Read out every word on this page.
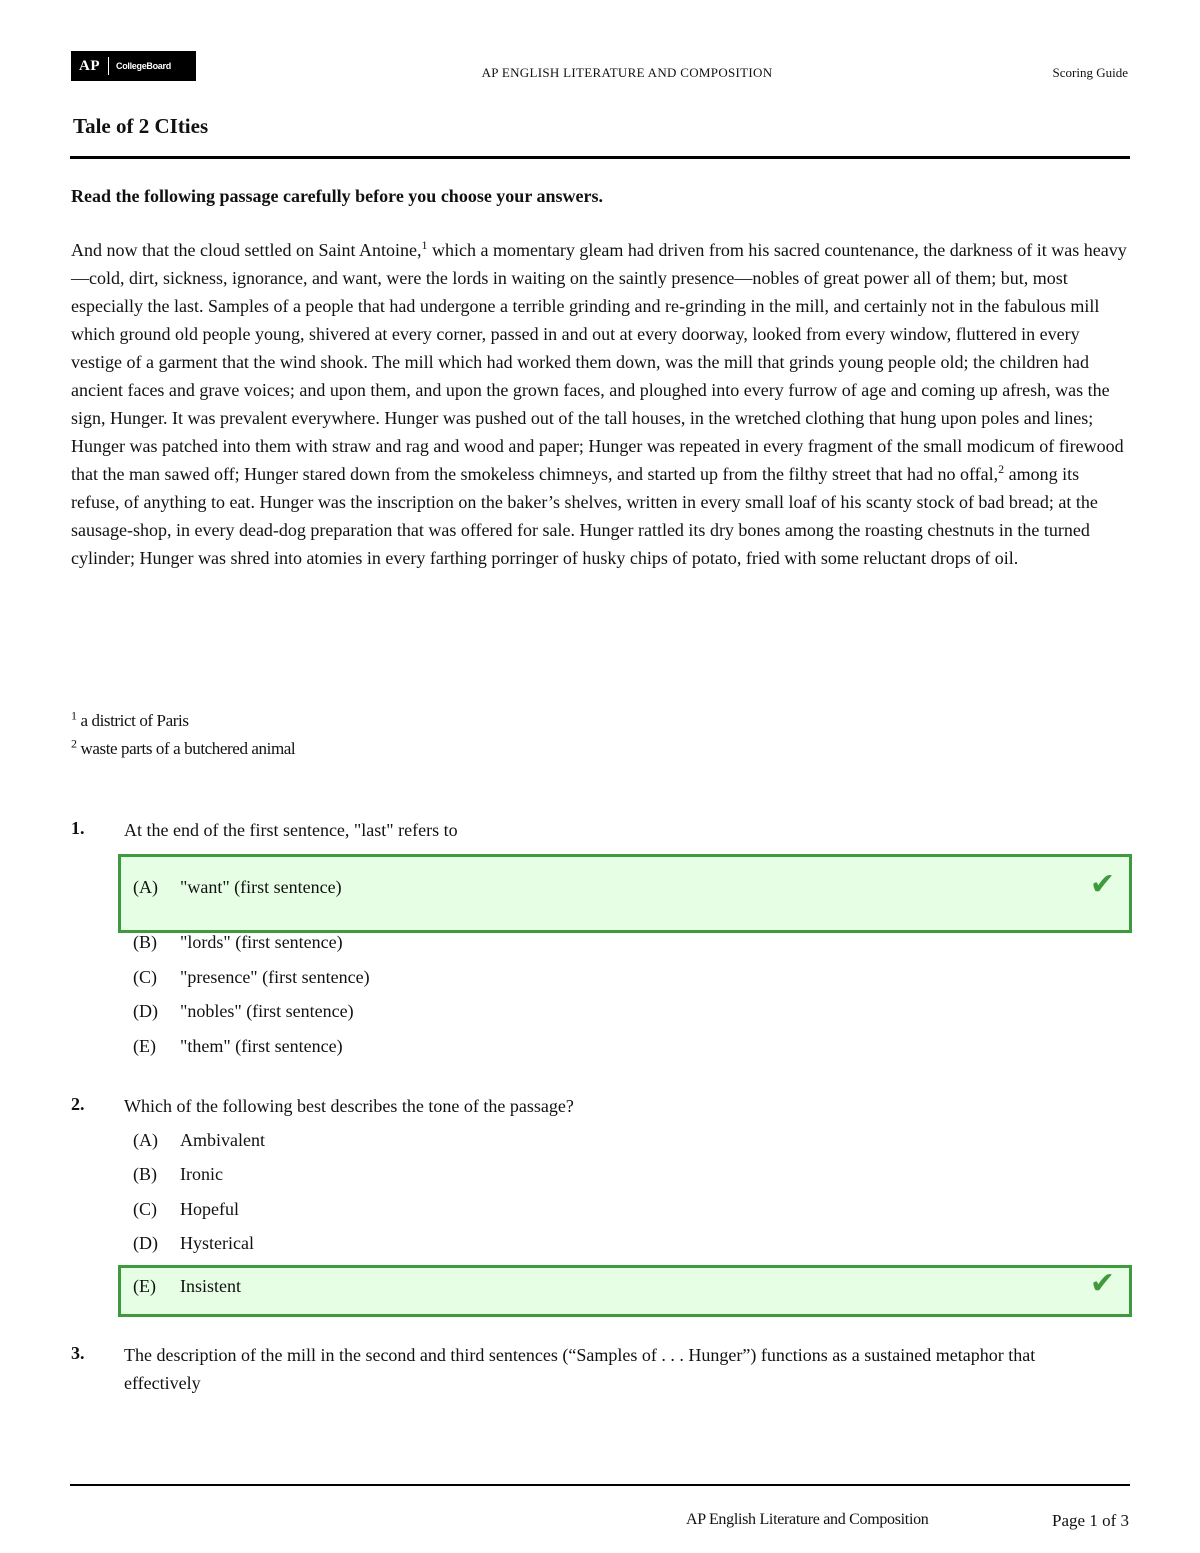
AP CollegeBoard	AP ENGLISH LITERATURE AND COMPOSITION	Scoring Guide
Tale of 2 CIties
Read the following passage carefully before you choose your answers.
And now that the cloud settled on Saint Antoine,$^1$ which a momentary gleam had driven from his sacred countenance, the darkness of it was heavy—cold, dirt, sickness, ignorance, and want, were the lords in waiting on the saintly presence—nobles of great power all of them; but, most especially the last. Samples of a people that had undergone a terrible grinding and re-grinding in the mill, and certainly not in the fabulous mill which ground old people young, shivered at every corner, passed in and out at every doorway, looked from every window, fluttered in every vestige of a garment that the wind shook. The mill which had worked them down, was the mill that grinds young people old; the children had ancient faces and grave voices; and upon them, and upon the grown faces, and ploughed into every furrow of age and coming up afresh, was the sign, Hunger. It was prevalent everywhere. Hunger was pushed out of the tall houses, in the wretched clothing that hung upon poles and lines; Hunger was patched into them with straw and rag and wood and paper; Hunger was repeated in every fragment of the small modicum of firewood that the man sawed off; Hunger stared down from the smokeless chimneys, and started up from the filthy street that had no offal,$^2$ among its refuse, of anything to eat. Hunger was the inscription on the baker’s shelves, written in every small loaf of his scanty stock of bad bread; at the sausage-shop, in every dead-dog preparation that was offered for sale. Hunger rattled its dry bones among the roasting chestnuts in the turned cylinder; Hunger was shred into atomies in every farthing porringer of husky chips of potato, fried with some reluctant drops of oil.
$^1$ a district of Paris
$^2$ waste parts of a butchered animal
1. At the end of the first sentence, "last" refers to
✔
(A)	"want" (first sentence)
(B)	"lords" (first sentence)
(C)	"presence" (first sentence)
(D)	"nobles" (first sentence)
(E)	"them" (first sentence)
2. Which of the following best describes the tone of the passage?
(A)	Ambivalent
(B)	Ironic
(C)	Hopeful
(D)	Hysterical
✔
(E)	Insistent
3. The description of the mill in the second and third sentences (“Samples of . . . Hunger”) functions as a sustained metaphor that effectively
AP English Literature and Composition	Page 1 of 3
